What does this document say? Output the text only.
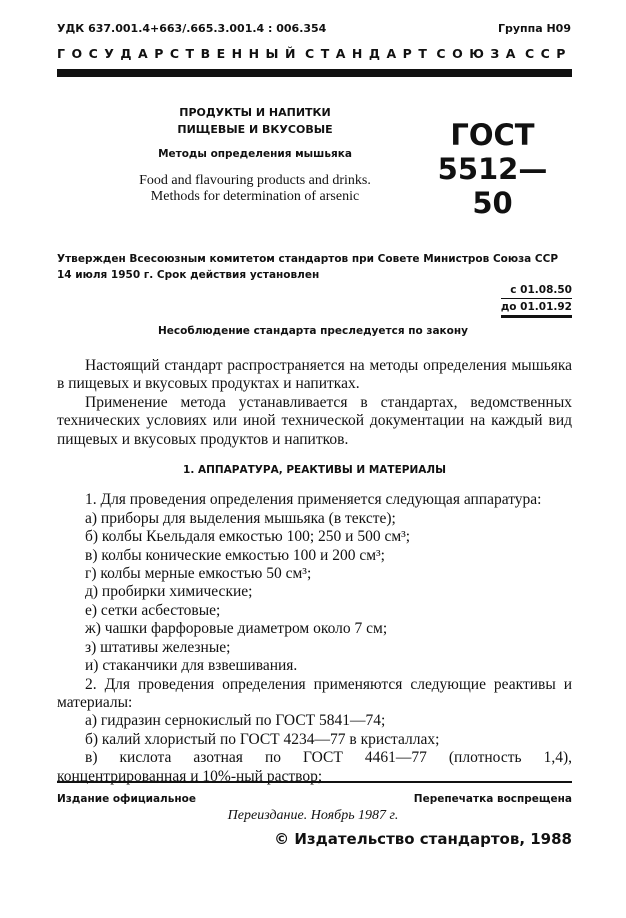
УДК 637.001.4+663/.665.3.001.4 : 006.354	Группа Н09
ГОСУДАРСТВЕННЫЙ СТАНДАРТ СОЮЗА ССР
ПРОДУКТЫ И НАПИТКИ
ПИЩЕВЫЕ И ВКУСОВЫЕ
Методы определения мышьяка
Food and flavouring products and drinks.
Methods for determination of arsenic
ГОСТ
5512—50
Утвержден Всесоюзным комитетом стандартов при Совете Министров Союза ССР
14 июля 1950 г. Срок действия установлен
с 01.08.50
до 01.01.92
Несоблюдение стандарта преследуется по закону

Настоящий стандарт распространяется на методы определения мышьяка в пищевых и вкусовых продуктах и напитках.

Применение метода устанавливается в стандартах, ведомственных технических условиях или иной технической документации на каждый вид пищевых и вкусовых продуктов и напитков.

1. АППАРАТУРА, РЕАКТИВЫ И МАТЕРИАЛЫ

1. Для проведения определения применяется следующая аппаратура:

а) приборы для выделения мышьяка (в тексте);

б) колбы Кьельдаля емкостью 100; 250 и 500 см³;

в) колбы конические емкостью 100 и 200 см³;

г) колбы мерные емкостью 50 см³;

д) пробирки химические;

е) сетки асбестовые;

ж) чашки фарфоровые диаметром около 7 см;

з) штативы железные;

и) стаканчики для взвешивания.

2. Для проведения определения применяются следующие реактивы и материалы:

а) гидразин сернокислый по ГОСТ 5841—74;

б) калий хлористый по ГОСТ 4234—77 в кристаллах;

в) кислота азотная по ГОСТ 4461—77 (плотность 1,4), концентрированная и 10%-ный раствор;

Издание официальное	Перепечатка воспрещена
Переиздание. Ноябрь 1987 г.
© Издательство стандартов, 1988
